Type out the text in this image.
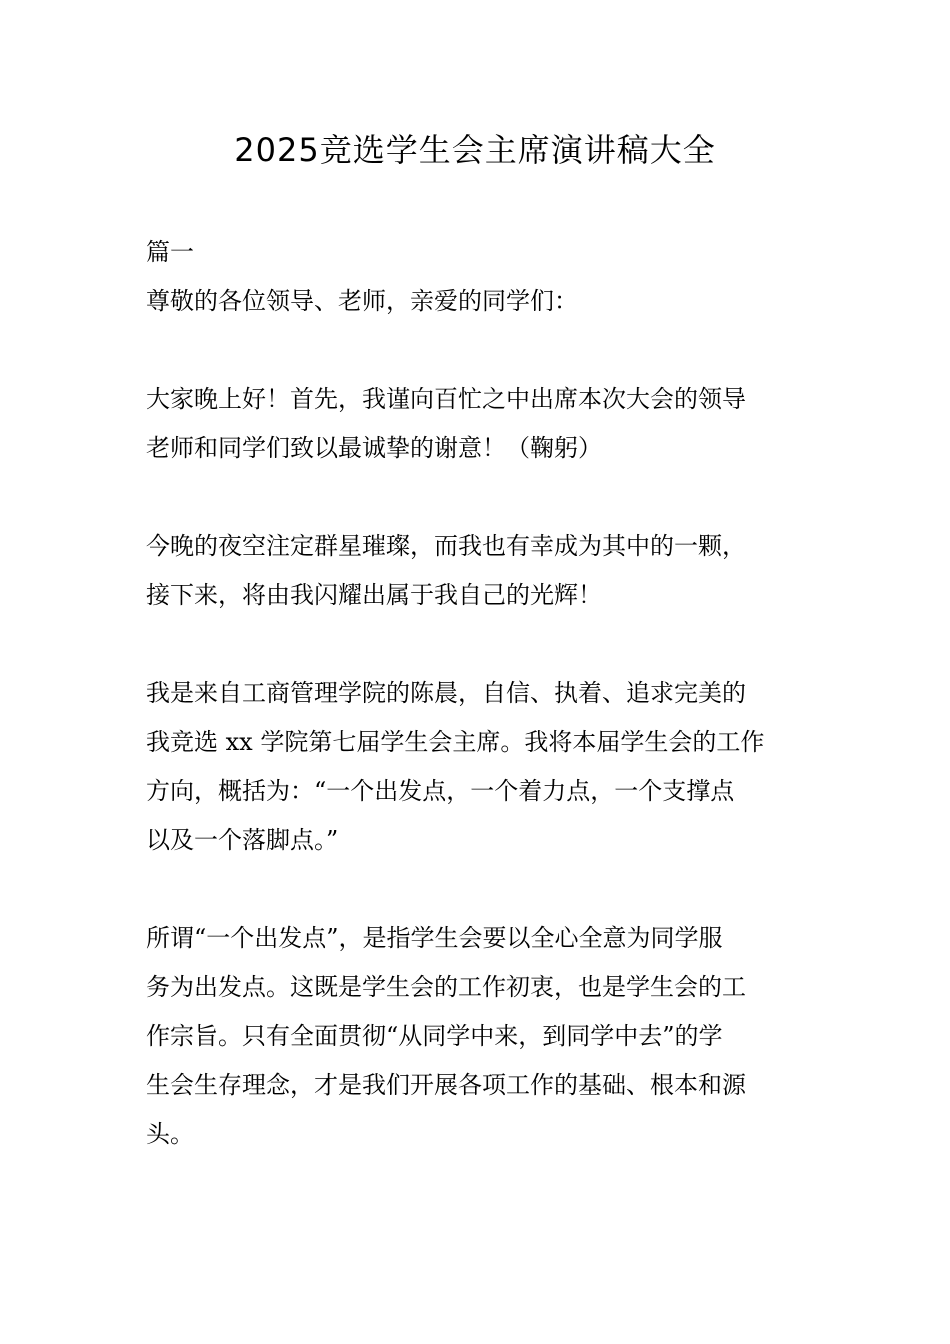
2025竞选学生会主席演讲稿大全

篇一

尊敬的各位领导、老师，亲爱的同学们：

大家晚上好！首先，我谨向百忙之中出席本次大会的领导
老师和同学们致以最诚挚的谢意！（鞠躬）

今晚的夜空注定群星璀璨，而我也有幸成为其中的一颗，
接下来，将由我闪耀出属于我自己的光辉！

我是来自工商管理学院的陈晨，自信、执着、追求完美的
我竞选 xx 学院第七届学生会主席。我将本届学生会的工作
方向，概括为：“一个出发点，一个着力点，一个支撑点
以及一个落脚点。”

所谓“一个出发点”，是指学生会要以全心全意为同学服
务为出发点。这既是学生会的工作初衷，也是学生会的工
作宗旨。只有全面贯彻“从同学中来，到同学中去”的学
生会生存理念，才是我们开展各项工作的基础、根本和源
头。
